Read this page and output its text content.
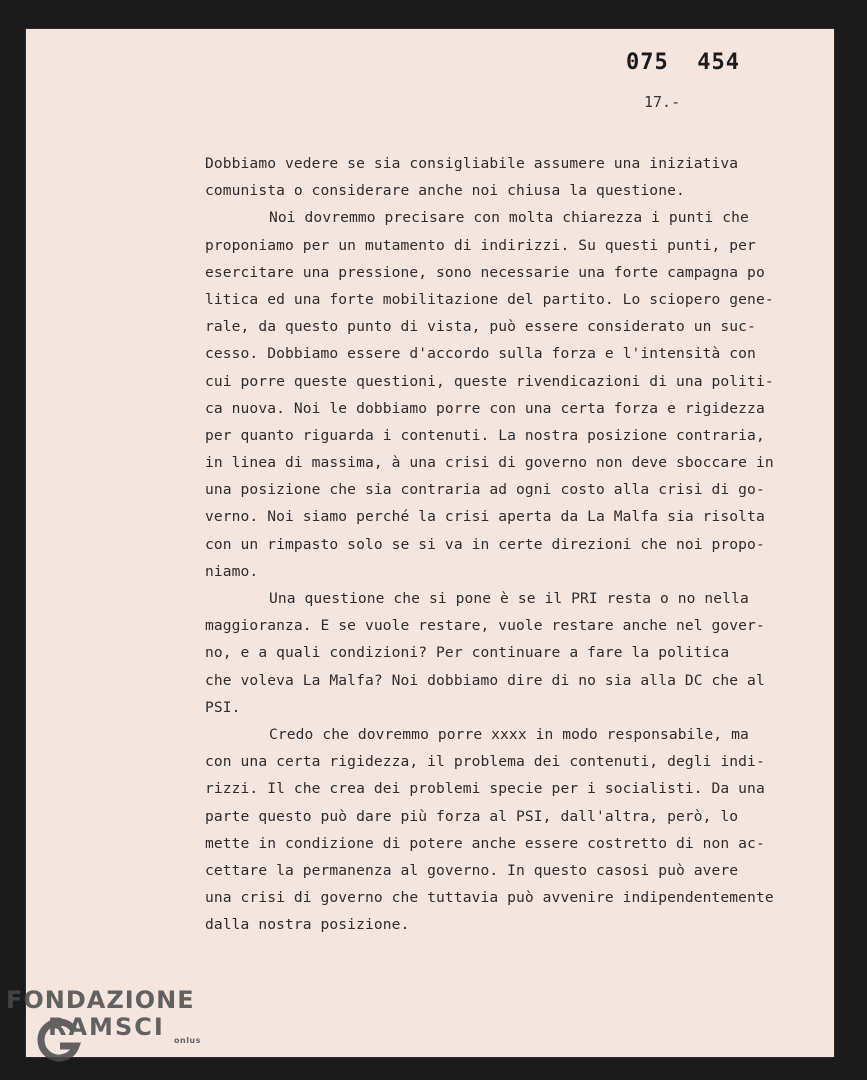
075  454
17.-
Dobbiamo vedere se sia consigliabile assumere una iniziativa
comunista o considerare anche noi chiusa la questione.
Noi dovremmo precisare con molta chiarezza i punti che
proponiamo per un mutamento di indirizzi. Su questi punti, per
esercitare una pressione, sono necessarie una forte campagna po
litica ed una forte mobilitazione del partito. Lo sciopero gene-
rale, da questo punto di vista, può essere considerato un suc-
cesso. Dobbiamo essere d'accordo sulla forza e l'intensità con
cui porre queste questioni, queste rivendicazioni di una politi-
ca nuova. Noi le dobbiamo porre con una certa forza e rigidezza
per quanto riguarda i contenuti. La nostra posizione contraria,
in linea di massima, à una crisi di governo non deve sboccare in
una posizione che sia contraria ad ogni costo alla crisi di go-
verno. Noi siamo perché la crisi aperta da La Malfa sia risolta
con un rimpasto solo se si va in certe direzioni che noi propo-
niamo.
Una questione che si pone è se il PRI resta o no nella
maggioranza. E se vuole restare, vuole restare anche nel gover-
no, e a quali condizioni? Per continuare a fare la politica
che voleva La Malfa? Noi dobbiamo dire di no sia alla DC che al
PSI.
Credo che dovremmo porre xxxx in modo responsabile, ma
con una certa rigidezza, il problema dei contenuti, degli indi-
rizzi. Il che crea dei problemi specie per i socialisti. Da una
parte questo può dare più forza al PSI, dall'altra, però, lo
mette in condizione di potere anche essere costretto di non ac-
cettare la permanenza al governo. In questo casosi può avere
una crisi di governo che tuttavia può avvenire indipendentemente
dalla nostra posizione.
FONDAZIONE
RAMSCI	onlus
